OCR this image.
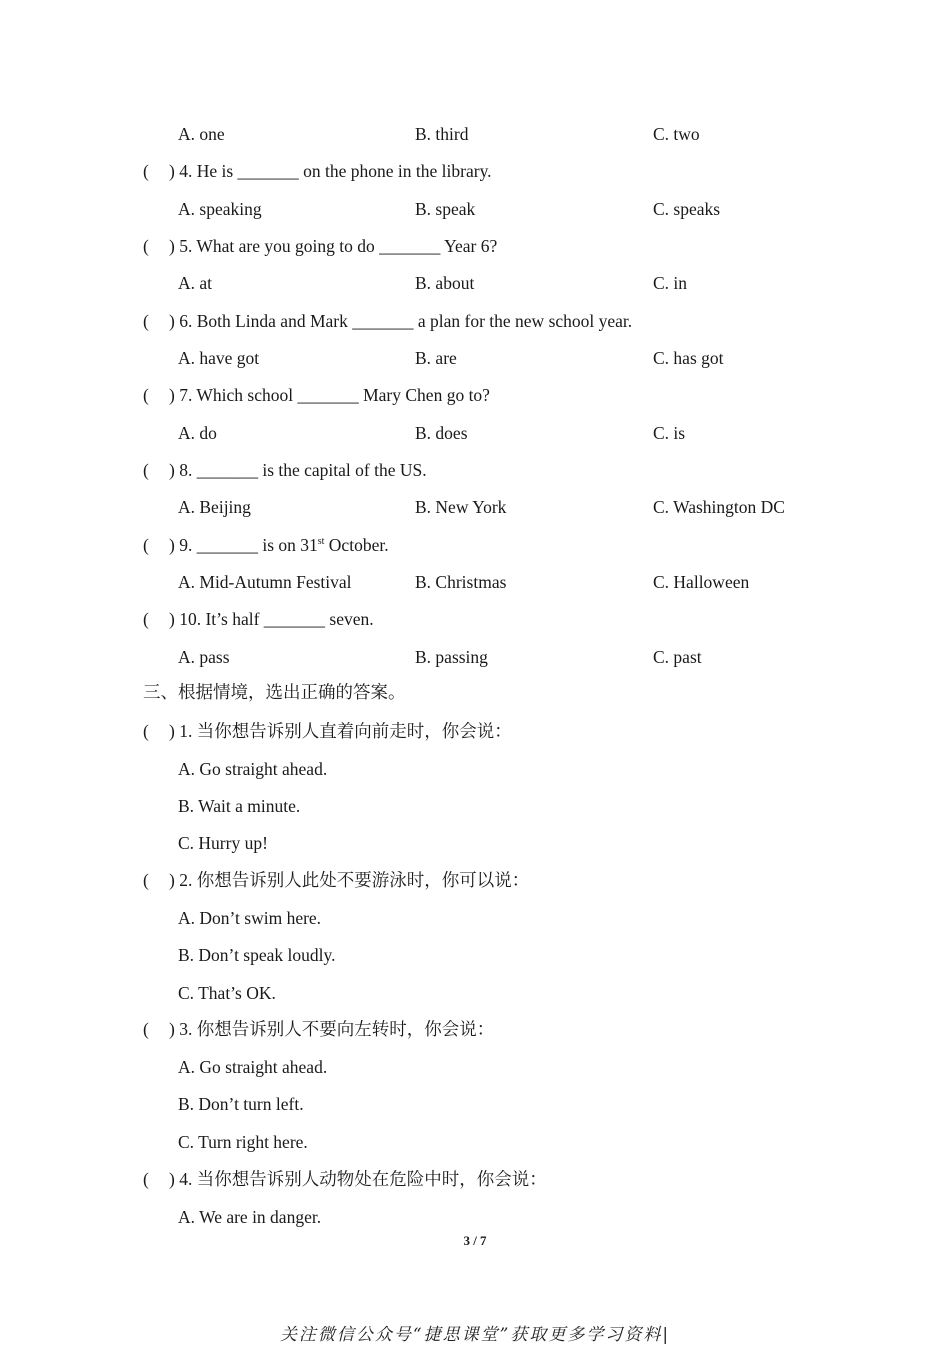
A. one	B. third	C. two
( ) 4. He is _______ on the phone in the library.
A. speaking	B. speak	C. speaks
( ) 5. What are you going to do _______ Year 6?
A. at	B. about	C. in
( ) 6. Both Linda and Mark _______ a plan for the new school year.
A. have got	B. are	C. has got
( ) 7. Which school _______ Mary Chen go to?
A. do	B. does	C. is
( ) 8. _______ is the capital of the US.
A. Beijing	B. New York	C. Washington DC
( ) 9. _______ is on 31st October.
A. Mid-Autumn Festival	B. Christmas	C. Halloween
( ) 10. It’s half _______ seven.
A. pass	B. passing	C. past
三、根据情境，选出正确的答案。
( ) 1. 当你想告诉别人直着向前走时，你会说：
A. Go straight ahead.
B. Wait a minute.
C. Hurry up!
( ) 2. 你想告诉别人此处不要游泳时，你可以说：
A. Don’t swim here.
B. Don’t speak loudly.
C. That’s OK.
( ) 3. 你想告诉别人不要向左转时，你会说：
A. Go straight ahead.
B. Don’t turn left.
C. Turn right here.
( ) 4. 当你想告诉别人动物处在危险中时，你会说：
A. We are in danger.
3 / 7
关注微信公众号“捷思课堂”获取更多学习资料|
